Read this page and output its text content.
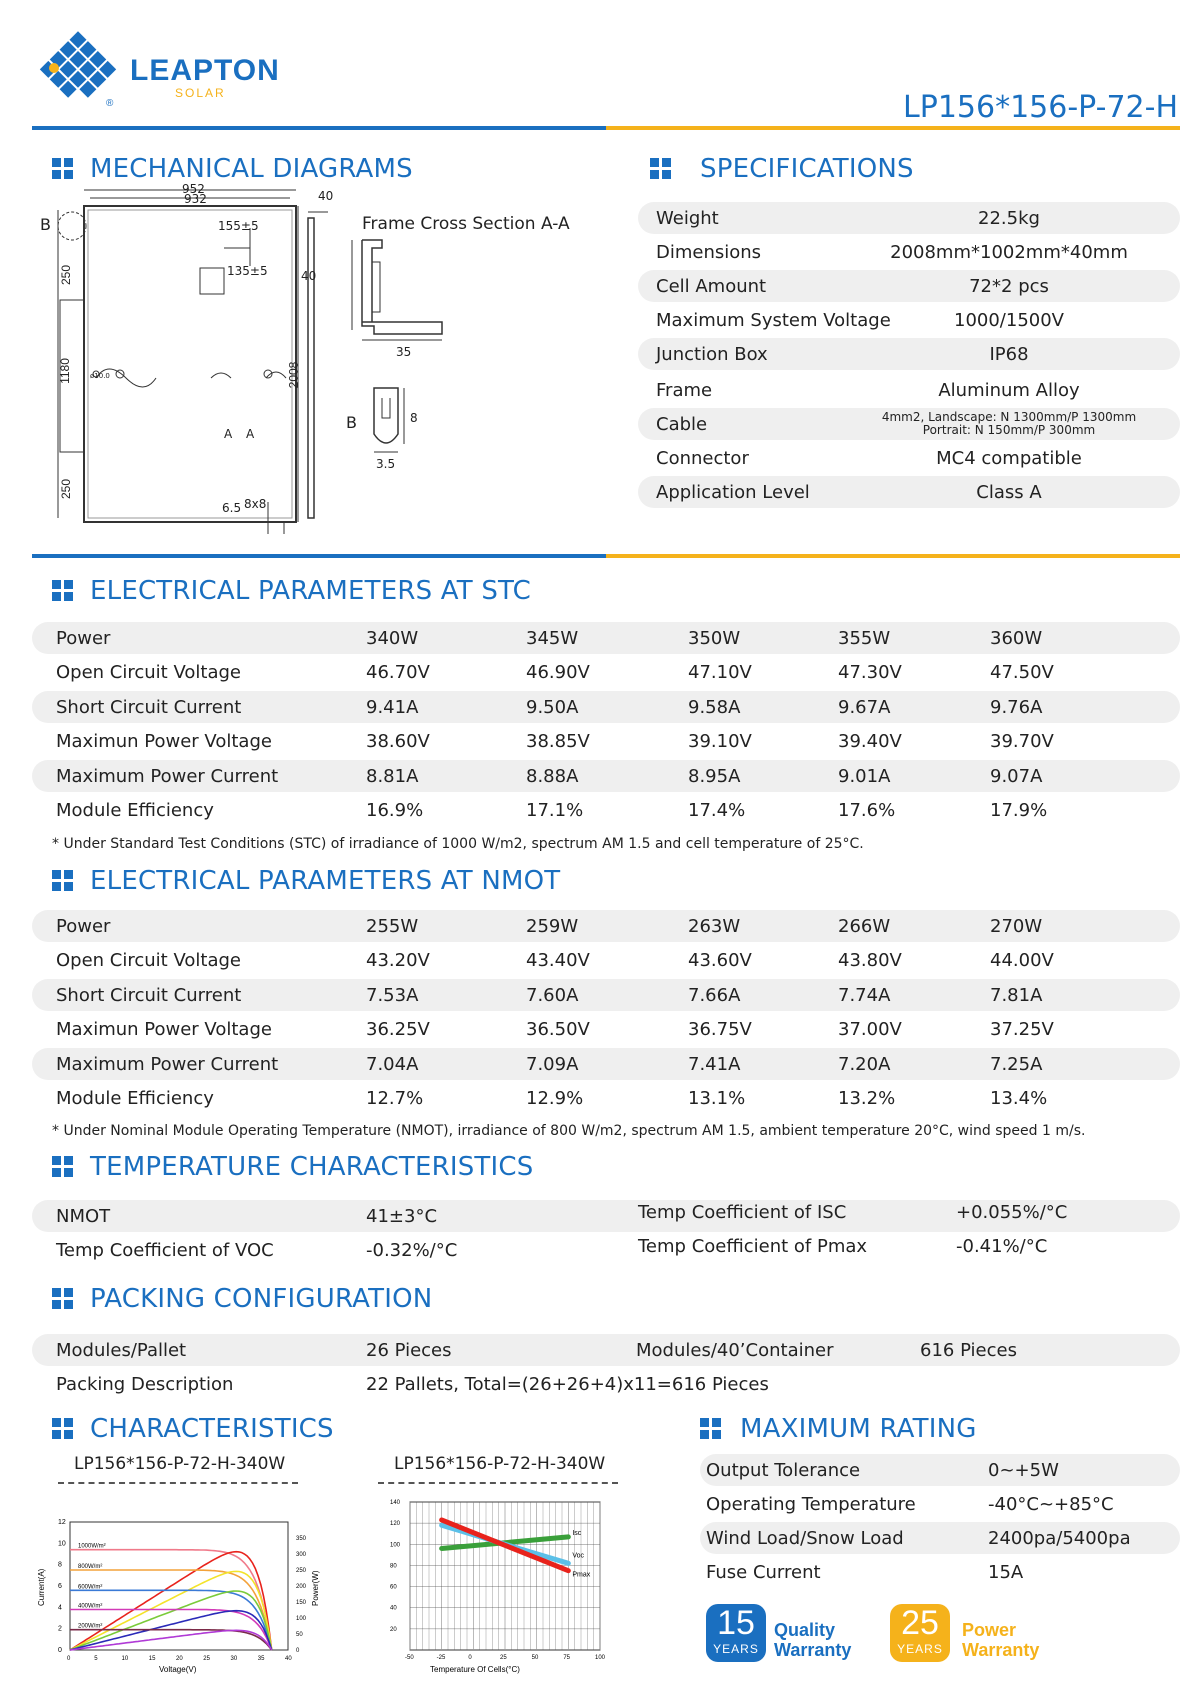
LEAPTON
SOLAR
®	LP156*156-P-72-H
MECHANICAL DIAGRAMS
952
932	40
155±5
135±5
B
A A
ø10.0
6.5 8x8
40
35
8
3.5
B
250
1180
250
2008
Frame Cross Section A-A
SPECIFICATIONS
Weight	22.5kg
Dimensions	2008mm*1002mm*40mm
Cell Amount	72*2 pcs
Maximum System Voltage	1000/1500V
Junction Box	IP68
Frame	Aluminum Alloy
Cable	4mm2, Landscape: N 1300mm/P 1300mm
Portrait: N 150mm/P 300mm
Connector	MC4 compatible
Application Level	Class A
ELECTRICAL PARAMETERS AT STC
Power	340W	345W	350W	355W	360W
Open Circuit Voltage	46.70V	46.90V	47.10V	47.30V	47.50V
Short Circuit Current	9.41A	9.50A	9.58A	9.67A	9.76A
Maximun Power Voltage	38.60V	38.85V	39.10V	39.40V	39.70V
Maximum Power Current	8.81A	8.88A	8.95A	9.01A	9.07A
Module Efficiency	16.9%	17.1%	17.4%	17.6%	17.9%
* Under Standard Test Conditions (STC) of irradiance of 1000 W/m2, spectrum AM 1.5 and cell temperature of 25°C.
ELECTRICAL PARAMETERS AT NMOT
Power	255W	259W	263W	266W	270W
Open Circuit Voltage	43.20V	43.40V	43.60V	43.80V	44.00V
Short Circuit Current	7.53A	7.60A	7.66A	7.74A	7.81A
Maximun Power Voltage	36.25V	36.50V	36.75V	37.00V	37.25V
Maximum Power Current	7.04A	7.09A	7.41A	7.20A	7.25A
Module Efficiency	12.7%	12.9%	13.1%	13.2%	13.4%
* Under Nominal Module Operating Temperature (NMOT), irradiance of 800 W/m2, spectrum AM 1.5, ambient temperature 20°C, wind speed 1 m/s.
TEMPERATURE CHARACTERISTICS
NMOT	41±3°C	Temp Coefficient of ISC	+0.055%/°C
Temp Coefficient of VOC	-0.32%/°C	Temp Coefficient of Pmax	-0.41%/°C
PACKING CONFIGURATION
Modules/Pallet	26 Pieces	Modules/40’Container	616 Pieces
Packing Description	22 Pallets, Total=(26+26+4)x11=616 Pieces
CHARACTERISTICS
LP156*156-P-72-H-340W	LP156*156-P-72-H-340W
0	5	10	15	20	25	30	35	40
0
2
4
6
8
10
12
0
50
100
150
200
250
300
350
Voltage(V)
Current(A)	Power(W)
1000W/m²
800W/m²
600W/m²
400W/m²
200W/m²
-50	-25	0	25	50	75	100
20
40
60
80
100
120
140
Temperature Of Cells(°C)
Isc
Voc
Pmax
MAXIMUM RATING
Output Tolerance	0~+5W
Operating Temperature	-40°C~+85°C
Wind Load/Snow Load	2400pa/5400pa
Fuse Current	15A
15
YEARS
Quality
Warranty
25
YEARS
Power
Warranty
